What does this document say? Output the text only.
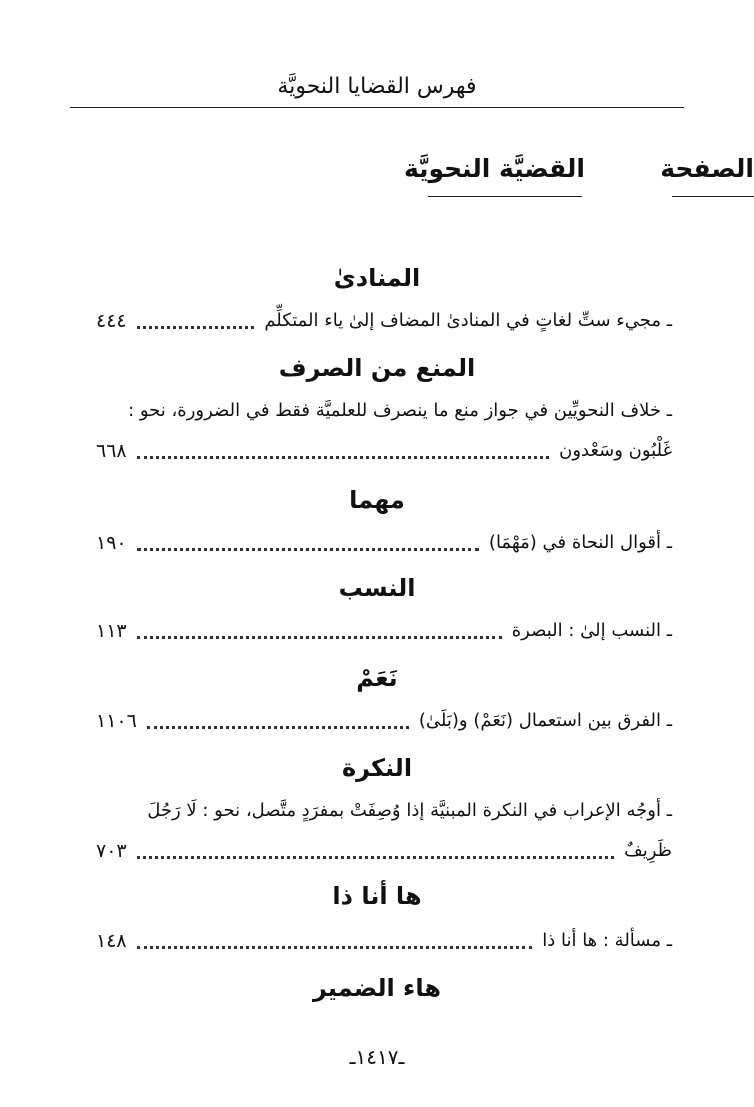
فهرس القضايا النحويَّة
القضيَّة النحويَّة	الصفحة
المنادىٰ
ـ مجيء ستِّ لغاتٍ في المنادىٰ المضاف إلىٰ ياء المتكلِّم
٤٤٤
المنع من الصرف
ـ خلاف النحويِّين في جواز منع ما ينصرف للعلميَّة فقط في الضرورة، نحو :
غَلْبُون وسَعْدون
٦٦٨
مهما
ـ أقوال النحاة في (مَهْمَا)
١٩٠
النسب
ـ النسب إلىٰ : البصرة
١١٣
نَعَمْ
ـ الفرق بين استعمال (نَعَمْ) و(بَلَىٰ)
١١٠٦
النكرة
ـ أوجُه الإعراب في النكرة المبنيَّة إذا وُصِفَتْ بمفرَدٍ متَّصل، نحو : لَا رَجُلَ
ظَرِيفٌ
٧٠٣
ها أنا ذا
ـ مسألة : ها أنا ذا
١٤٨
هاء الضمير
ـ١٤١٧ـ
